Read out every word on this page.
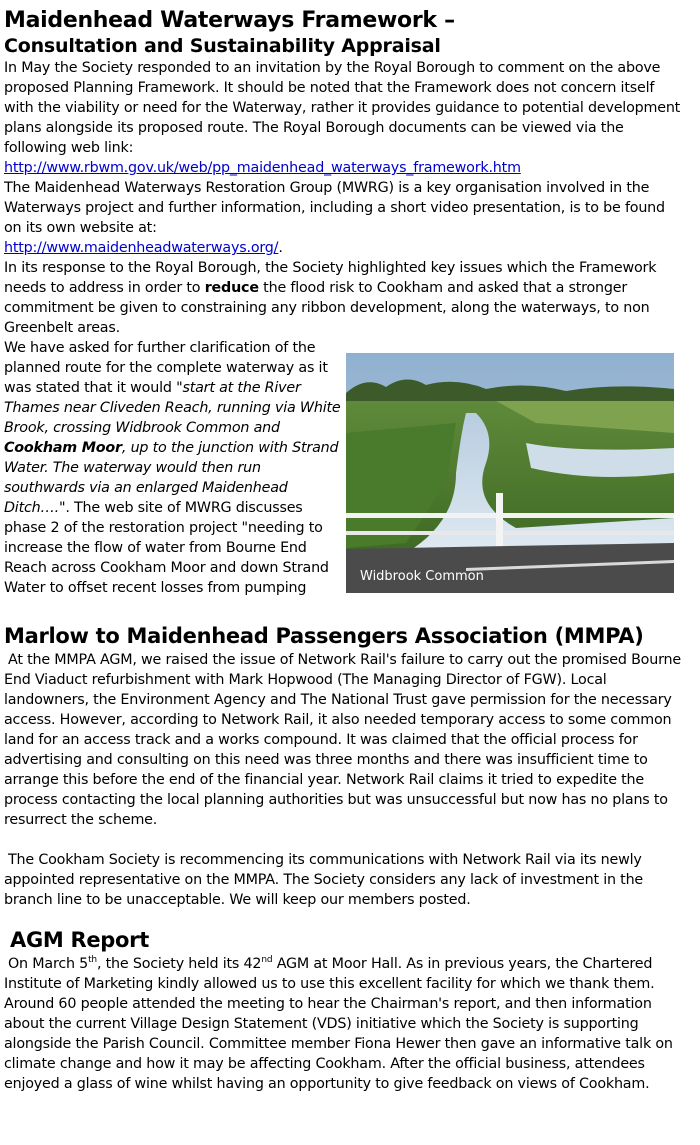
Maidenhead Waterways Framework –
Consultation and Sustainability Appraisal

In May the Society responded to an invitation by the Royal Borough to comment on the above proposed Planning Framework. It should be noted that the Framework does not concern itself with the viability or need for the Waterway, rather it provides guidance to potential development plans alongside its proposed route. The Royal Borough documents can be viewed via the following web link:

http://www.rbwm.gov.uk/web/pp_maidenhead_waterways_framework.htm

The Maidenhead Waterways Restoration Group (MWRG) is a key organisation involved in the Waterways project and further information, including a short video presentation, is to be found on its own website at:

http://www.maidenheadwaterways.org/.

In its response to the Royal Borough, the Society highlighted key issues which the Framework needs to address in order to reduce the flood risk to Cookham and asked that a stronger commitment be given to constraining any ribbon development, along the waterways, to non Greenbelt areas.

We have asked for further clarification of the planned route for the complete waterway as it was stated that it would "start at the River Thames near Cliveden Reach, running via White Brook, crossing Widbrook Common and Cookham Moor, up to the junction with Strand Water. The waterway would then run southwards via an enlarged Maidenhead Ditch….". The web site of MWRG discusses phase 2 of the restoration project "needing to increase the flow of water from Bourne End Reach across Cookham Moor and down Strand Water to offset recent losses from pumping

Widbrook Common
Marlow to Maidenhead Passengers Association (MMPA)

At the MMPA AGM, we raised the issue of Network Rail's failure to carry out the promised Bourne End Viaduct refurbishment with Mark Hopwood (The Managing Director of FGW). Local landowners, the Environment Agency and The National Trust gave permission for the necessary access. However, according to Network Rail, it also needed temporary access to some common land for an access track and a works compound. It was claimed that the official process for advertising and consulting on this need was three months and there was insufficient time to arrange this before the end of the financial year. Network Rail claims it tried to expedite the process contacting the local planning authorities but was unsuccessful but now has no plans to resurrect the scheme.

The Cookham Society is recommencing its communications with Network Rail via its newly appointed representative on the MMPA. The Society considers any lack of investment in the branch line to be unacceptable. We will keep our members posted.

AGM Report

On March 5th, the Society held its 42nd AGM at Moor Hall. As in previous years, the Chartered Institute of Marketing kindly allowed us to use this excellent facility for which we thank them. Around 60 people attended the meeting to hear the Chairman's report, and then information about the current Village Design Statement (VDS) initiative which the Society is supporting alongside the Parish Council. Committee member Fiona Hewer then gave an informative talk on climate change and how it may be affecting Cookham. After the official business, attendees enjoyed a glass of wine whilst having an opportunity to give feedback on views of Cookham.
